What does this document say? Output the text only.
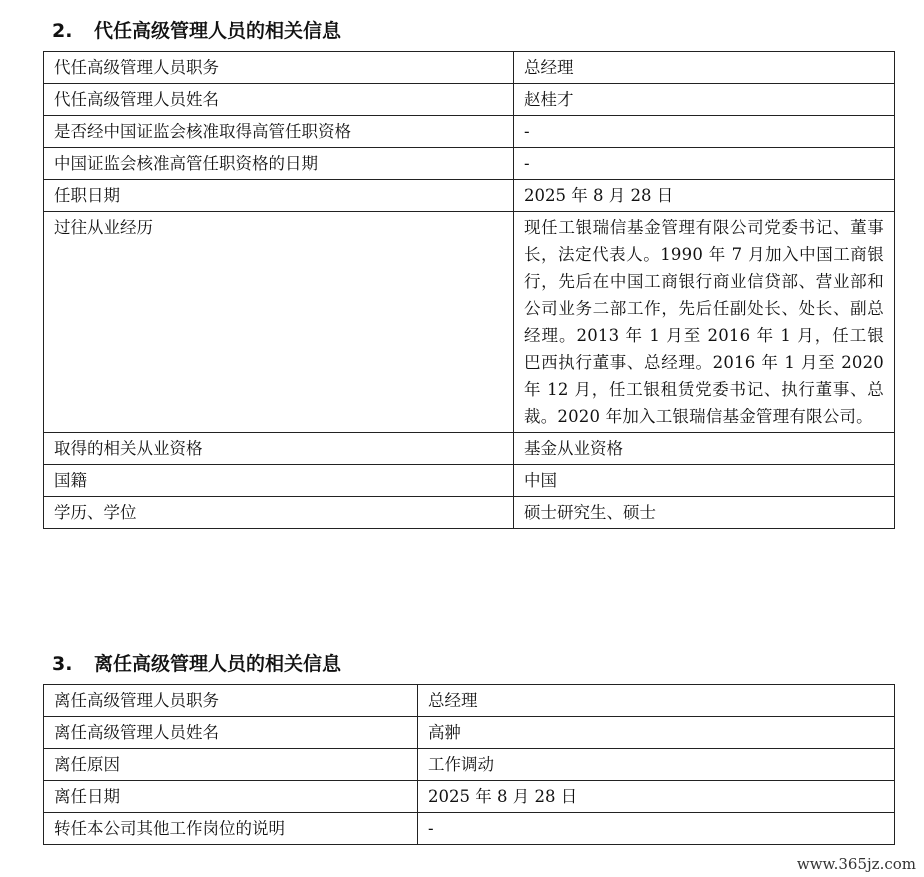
2. 代任高级管理人员的相关信息
代任高级管理人员职务	总经理
代任高级管理人员姓名	赵桂才
是否经中国证监会核准取得高管任职资格	-
中国证监会核准高管任职资格的日期	-
任职日期	2025 年 8 月 28 日
过往从业经历	现任工银瑞信基金管理有限公司党委书记、董事长，法定代表人。1990 年 7 月加入中国工商银行，先后在中国工商银行商业信贷部、营业部和公司业务二部工作，先后任副处长、处长、副总经理。2013 年 1 月至 2016 年 1 月，任工银巴西执行董事、总经理。2016 年 1 月至 2020 年 12 月，任工银租赁党委书记、执行董事、总裁。2020 年加入工银瑞信基金管理有限公司。
取得的相关从业资格	基金从业资格
国籍	中国
学历、学位	硕士研究生、硕士
3. 离任高级管理人员的相关信息
离任高级管理人员职务	总经理
离任高级管理人员姓名	高翀
离任原因	工作调动
离任日期	2025 年 8 月 28 日
转任本公司其他工作岗位的说明	-
www.365jz.com
